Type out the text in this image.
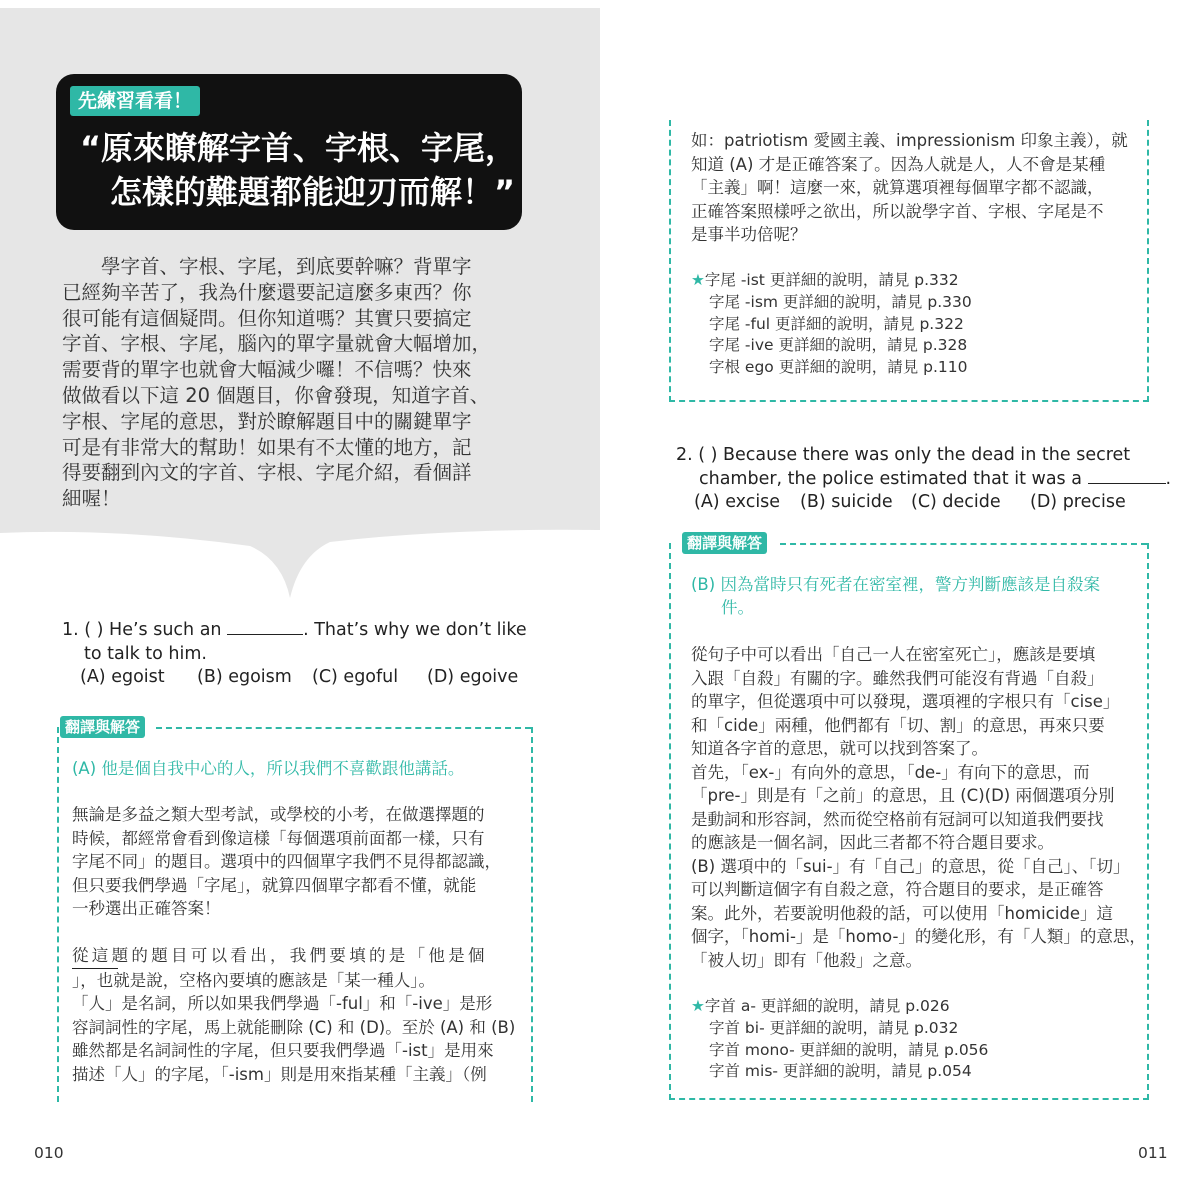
先練習看看！
“原來瞭解字首、字根、字尾，
怎樣的難題都能迎刃而解！”
　　學字首、字根、字尾，到底要幹嘛？背單字
已經夠辛苦了，我為什麼還要記這麼多東西？你
很可能有這個疑問。但你知道嗎？其實只要搞定
字首、字根、字尾，腦內的單字量就會大幅增加，
需要背的單字也就會大幅減少囉！不信嗎？快來
做做看以下這 20 個題目，你會發現，知道字首、
字根、字尾的意思，對於瞭解題目中的關鍵單字
可是有非常大的幫助！如果有不太懂的地方，記
得要翻到內文的字首、字根、字尾介紹，看個詳
細喔！
1. ( ) He’s such an	. That’s why we don’t like
to talk to him.
(A) egoist (B) egoism (C) egoful (D) egoive
翻譯與解答
(A) 他是個自我中心的人，所以我們不喜歡跟他講話。
無論是多益之類大型考試，或學校的小考，在做選擇題的
時候，都經常會看到像這樣「每個選項前面都一樣，只有
字尾不同」的題目。選項中的四個單字我們不見得都認識，
但只要我們學過「字尾」，就算四個單字都看不懂，就能
一秒選出正確答案！
從這題的題目可以看出，我們要填的是「他是個
」，也就是說，空格內要填的應該是「某一種人」。
「人」是名詞，所以如果我們學過「-ful」和「-ive」是形
容詞詞性的字尾，馬上就能刪除 (C) 和 (D)。至於 (A) 和 (B)
雖然都是名詞詞性的字尾，但只要我們學過「-ist」是用來
描述「人」的字尾，「-ism」則是用來指某種「主義」（例
010
如：patriotism 愛國主義、impressionism 印象主義），就
知道 (A) 才是正確答案了。因為人就是人，人不會是某種
「主義」啊！這麼一來，就算選項裡每個單字都不認識，
正確答案照樣呼之欲出，所以說學字首、字根、字尾是不
是事半功倍呢？
★字尾 -ist 更詳細的說明，請見 p.332
字尾 -ism 更詳細的說明，請見 p.330
字尾 -ful 更詳細的說明，請見 p.322
字尾 -ive 更詳細的說明，請見 p.328
字根 ego 更詳細的說明，請見 p.110
2. ( ) Because there was only the dead in the secret
chamber, the police estimated that it was a	.
(A) excise (B) suicide (C) decide (D) precise
翻譯與解答
(B) 因為當時只有死者在密室裡，警方判斷應該是自殺案
件。
從句子中可以看出「自己一人在密室死亡」，應該是要填
入跟「自殺」有關的字。雖然我們可能沒有背過「自殺」
的單字，但從選項中可以發現，選項裡的字根只有「cise」
和「cide」兩種，他們都有「切、割」的意思，再來只要
知道各字首的意思，就可以找到答案了。
首先，「ex-」有向外的意思，「de-」有向下的意思，而
「pre-」則是有「之前」的意思，且 (C)(D) 兩個選項分別
是動詞和形容詞，然而從空格前有冠詞可以知道我們要找
的應該是一個名詞，因此三者都不符合題目要求。
(B) 選項中的「sui-」有「自己」的意思，從「自己」、「切」
可以判斷這個字有自殺之意，符合題目的要求，是正確答
案。此外，若要說明他殺的話，可以使用「homicide」這
個字，「homi-」是「homo-」的變化形，有「人類」的意思，
「被人切」即有「他殺」之意。
★字首 a- 更詳細的說明，請見 p.026
字首 bi- 更詳細的說明，請見 p.032
字首 mono- 更詳細的說明，請見 p.056
字首 mis- 更詳細的說明，請見 p.054
011
